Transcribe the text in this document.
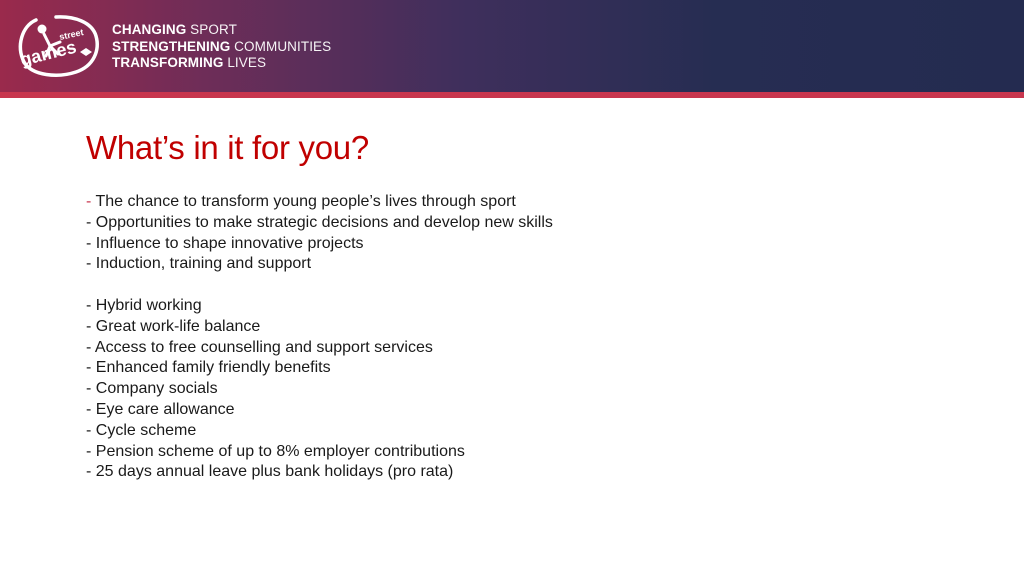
street
games
CHANGING SPORT
STRENGTHENING COMMUNITIES
TRANSFORMING LIVES
What’s in it for you?
- The chance to transform young people’s lives through sport
- Opportunities to make strategic decisions and develop new skills
- Influence to shape innovative projects
- Induction, training and support
- Hybrid working
- Great work-life balance
- Access to free counselling and support services
- Enhanced family friendly benefits
- Company socials
- Eye care allowance
- Cycle scheme
- Pension scheme of up to 8% employer contributions
- 25 days annual leave plus bank holidays (pro rata)
